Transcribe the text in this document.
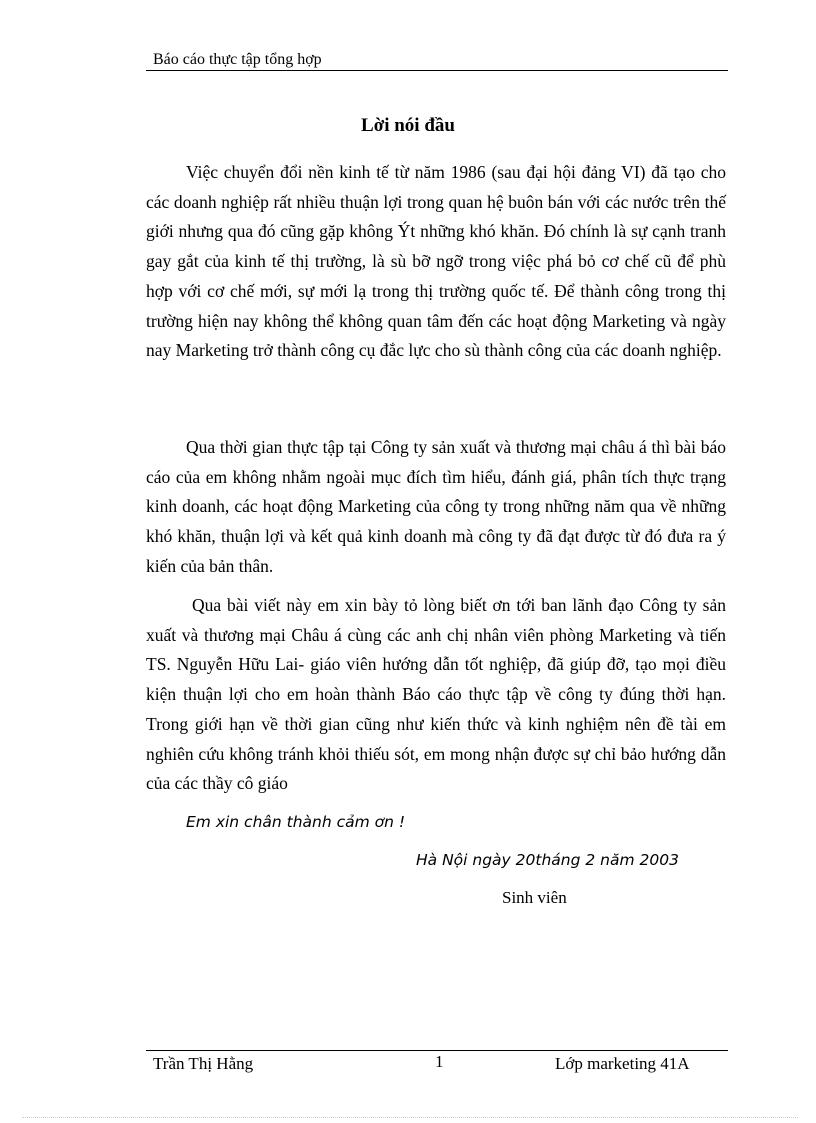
Báo cáo thực tập tổng hợp
Lời nói đầu

Việc chuyển đổi nền kinh tế từ năm 1986 (sau đại hội đảng VI) đã tạo cho các doanh nghiệp rất nhiều thuận lợi trong quan hệ buôn bán với các nước trên thế giới nhưng qua đó cũng gặp không Ýt những khó khăn. Đó chính là sự cạnh tranh gay gắt của kinh tế thị trường, là sù bỡ ngỡ trong việc phá bỏ cơ chế cũ để phù hợp với cơ chế mới, sự mới lạ trong thị trường quốc tế. Để thành công trong thị trường hiện nay không thể không quan tâm đến các hoạt động Marketing và ngày nay Marketing trở thành công cụ đắc lực cho sù thành công của các doanh nghiệp.

Qua thời gian thực tập tại Công ty sản xuất và thương mại châu á thì bài báo cáo của em không nhằm ngoài mục đích tìm hiểu, đánh giá, phân tích thực trạng kinh doanh, các hoạt động Marketing của công ty trong những năm qua về những khó khăn, thuận lợi và kết quả kinh doanh mà công ty đã đạt được từ đó đưa ra ý kiến của bản thân.

Qua bài viết này em xin bày tỏ lòng biết ơn tới ban lãnh đạo Công ty sản xuất và thương mại Châu á cùng các anh chị nhân viên phòng Marketing và tiến TS. Nguyễn Hữu Lai- giáo viên hướng dẫn tốt nghiệp, đã giúp đỡ, tạo mọi điều kiện thuận lợi cho em hoàn thành Báo cáo thực tập về công ty đúng thời hạn. Trong giới hạn về thời gian cũng như kiến thức và kinh nghiệm nên đề tài em nghiên cứu không tránh khỏi thiếu sót, em mong nhận được sự chỉ bảo hướng dẫn của các thầy cô giáo

Em xin chân thành cảm ơn !
Hà Nội ngày 20tháng 2 năm 2003
Sinh viên
Trần Thị Hằng	1	Lớp marketing 41A
